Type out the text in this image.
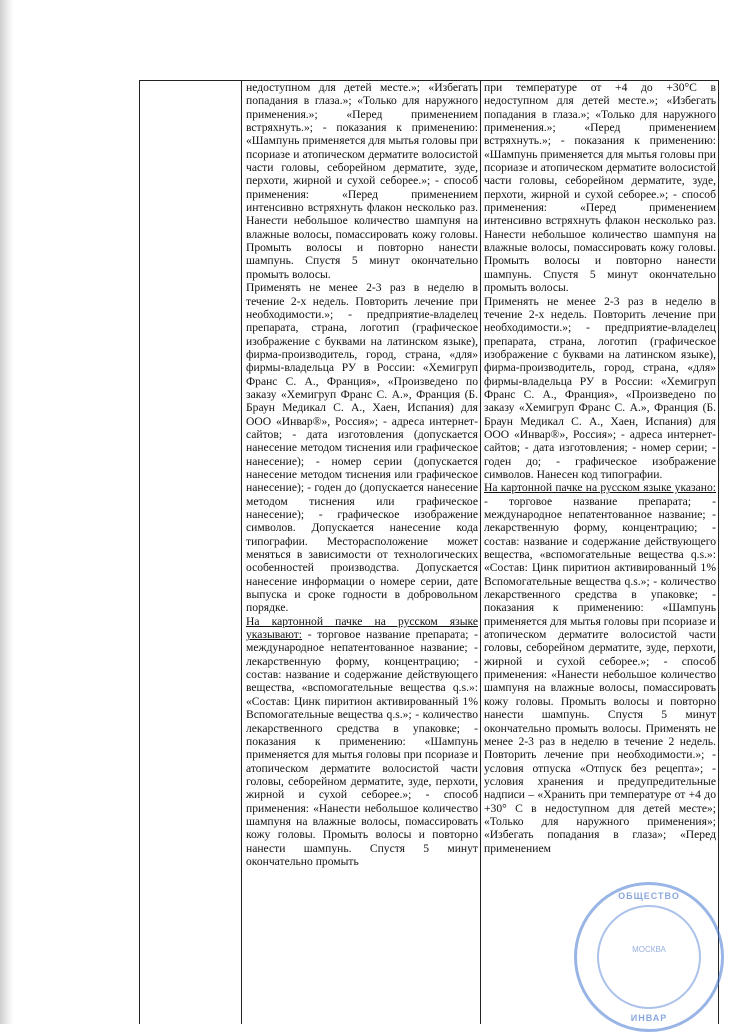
недоступном для детей месте.»; «Избегать попадания в глаза.»; «Только для наружного применения.»; «Перед применением встряхнуть.»; - показания к применению: «Шампунь применяется для мытья головы при псориазе и атопическом дерматите волосистой части головы, себорейном дерматите, зуде, перхоти, жирной и сухой себорее.»; - способ применения: «Перед применением интенсивно встряхнуть флакон несколько раз. Нанести небольшое количество шампуня на влажные волосы, помассировать кожу головы. Промыть волосы и повторно нанести шампунь. Спустя 5 минут окончательно промыть волосы.

Применять не менее 2-3 раз в неделю в течение 2-х недель. Повторить лечение при необходимости.»; - предприятие-владелец препарата, страна, логотип (графическое изображение с буквами на латинском языке), фирма-производитель, город, страна, «для» фирмы-владельца РУ в России: «Хемигруп Франс С. А., Франция», «Произведено по заказу «Хемигруп Франс С. А.», Франция (Б. Браун Медикал С. А., Хаен, Испания) для ООО «Инвар®», Россия»; - адреса интернет-сайтов; - дата изготовления (допускается нанесение методом тиснения или графическое нанесение); - номер серии (допускается нанесение методом тиснения или графическое нанесение); - годен до (допускается нанесение методом тиснения или графическое нанесение); - графическое изображение символов. Допускается нанесение кода типографии. Месторасположение может меняться в зависимости от технологических особенностей производства. Допускается нанесение информации о номере серии, дате выпуска и сроке годности в добровольном порядке.

На картонной пачке на русском языке указывают: - торговое название препарата; - международное непатентованное название; - лекарственную форму, концентрацию; - состав: название и содержание действующего вещества, «вспомогательные вещества q.s.»: «Состав: Цинк пиритион активированный 1% Вспомогательные вещества q.s.»; - количество лекарственного средства в упаковке; - показания к применению: «Шампунь применяется для мытья головы при псориазе и атопическом дерматите волосистой части головы, себорейном дерматите, зуде, перхоти, жирной и сухой себорее.»; - способ применения: «Нанести небольшое количество шампуня на влажные волосы, помассировать кожу головы. Промыть волосы и повторно нанести шампунь. Спустя 5 минут окончательно промыть

при температуре от +4 до +30°С в недоступном для детей месте.»; «Избегать попадания в глаза.»; «Только для наружного применения.»; «Перед применением встряхнуть.»; - показания к применению: «Шампунь применяется для мытья головы при псориазе и атопическом дерматите волосистой части головы, себорейном дерматите, зуде, перхоти, жирной и сухой себорее.»; - способ применения: «Перед применением интенсивно встряхнуть флакон несколько раз. Нанести небольшое количество шампуня на влажные волосы, помассировать кожу головы. Промыть волосы и повторно нанести шампунь. Спустя 5 минут окончательно промыть волосы.

Применять не менее 2-3 раз в неделю в течение 2-х недель. Повторить лечение при необходимости.»; - предприятие-владелец препарата, страна, логотип (графическое изображение с буквами на латинском языке), фирма-производитель, город, страна, «для» фирмы-владельца РУ в России: «Хемигруп Франс С. А., Франция», «Произведено по заказу «Хемигруп Франс С. А.», Франция (Б. Браун Медикал С. А., Хаен, Испания) для ООО «Инвар®», Россия»; - адреса интернет-сайтов; - дата изготовления; - номер серии; - годен до; - графическое изображение символов. Нанесен код типографии.

На картонной пачке на русском языке указано: - торговое название препарата; - международное непатентованное название; - лекарственную форму, концентрацию; - состав: название и содержание действующего вещества, «вспомогательные вещества q.s.»: «Состав: Цинк пиритион активированный 1% Вспомогательные вещества q.s.»; - количество лекарственного средства в упаковке; - показания к применению: «Шампунь применяется для мытья головы при псориазе и атопическом дерматите волосистой части головы, себорейном дерматите, зуде, перхоти, жирной и сухой себорее.»; - способ применения: «Нанести небольшое количество шампуня на влажные волосы, помассировать кожу головы. Промыть волосы и повторно нанести шампунь. Спустя 5 минут окончательно промыть волосы. Применять не менее 2-3 раз в неделю в течение 2 недель. Повторить лечение при необходимости.»; - условия отпуска «Отпуск без рецепта»; - условия хранения и предупредительные надписи – «Хранить при температуре от +4 до +30° С в недоступном для детей месте»; «Только для наружного применения»; «Избегать попадания в глаза»; «Перед применением

ОБЩЕСТВО
МОСКВА
ИНВАР
